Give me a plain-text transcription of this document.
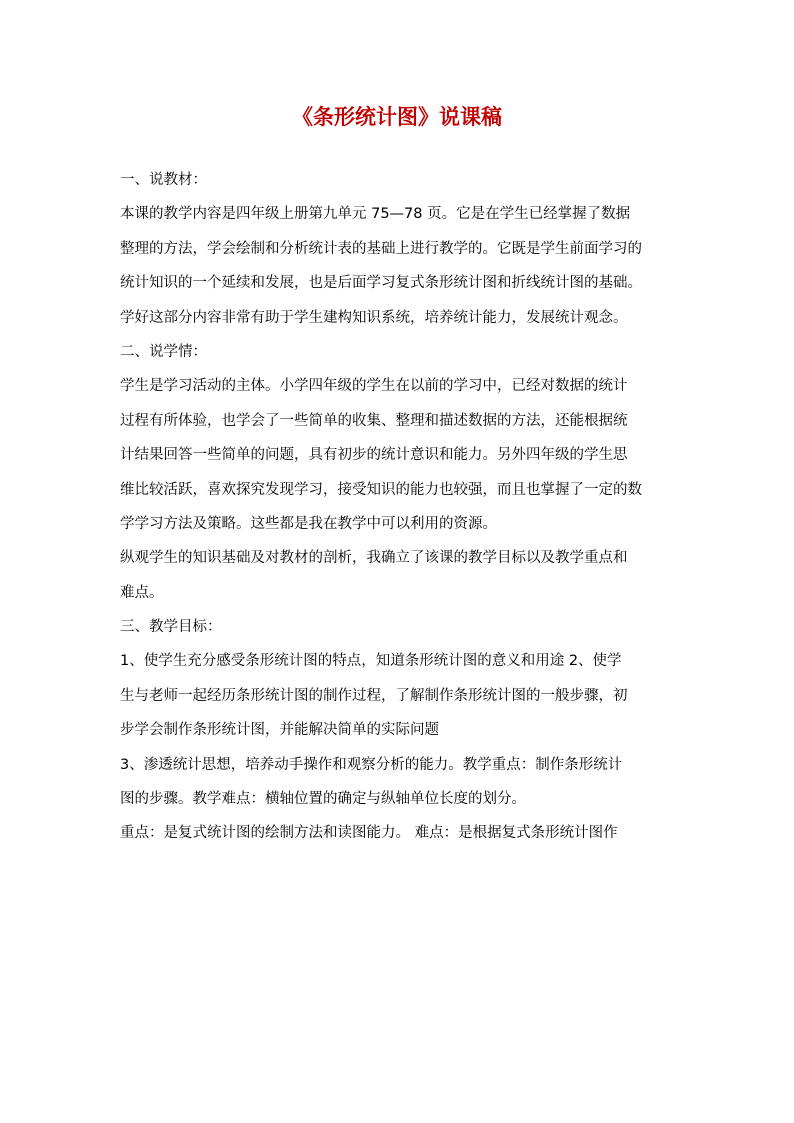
《条形统计图》说课稿
一、说教材：
本课的教学内容是四年级上册第九单元 75—78 页。它是在学生已经掌握了数据
整理的方法，学会绘制和分析统计表的基础上进行教学的。它既是学生前面学习的
统计知识的一个延续和发展，也是后面学习复式条形统计图和折线统计图的基础。
学好这部分内容非常有助于学生建构知识系统，培养统计能力，发展统计观念。
二、说学情：
学生是学习活动的主体。小学四年级的学生在以前的学习中，已经对数据的统计
过程有所体验，也学会了一些简单的收集、整理和描述数据的方法，还能根据统
计结果回答一些简单的问题，具有初步的统计意识和能力。另外四年级的学生思
维比较活跃，喜欢探究发现学习，接受知识的能力也较强，而且也掌握了一定的数
学学习方法及策略。这些都是我在教学中可以利用的资源。
纵观学生的知识基础及对教材的剖析，我确立了该课的教学目标以及教学重点和
难点。
三、教学目标：
1、使学生充分感受条形统计图的特点，知道条形统计图的意义和用途 2、使学
生与老师一起经历条形统计图的制作过程，了解制作条形统计图的一般步骤，初
步学会制作条形统计图，并能解决简单的实际问题
3、渗透统计思想，培养动手操作和观察分析的能力。教学重点：制作条形统计
图的步骤。教学难点：横轴位置的确定与纵轴单位长度的划分。
重点：是复式统计图的绘制方法和读图能力。 难点：是根据复式条形统计图作
